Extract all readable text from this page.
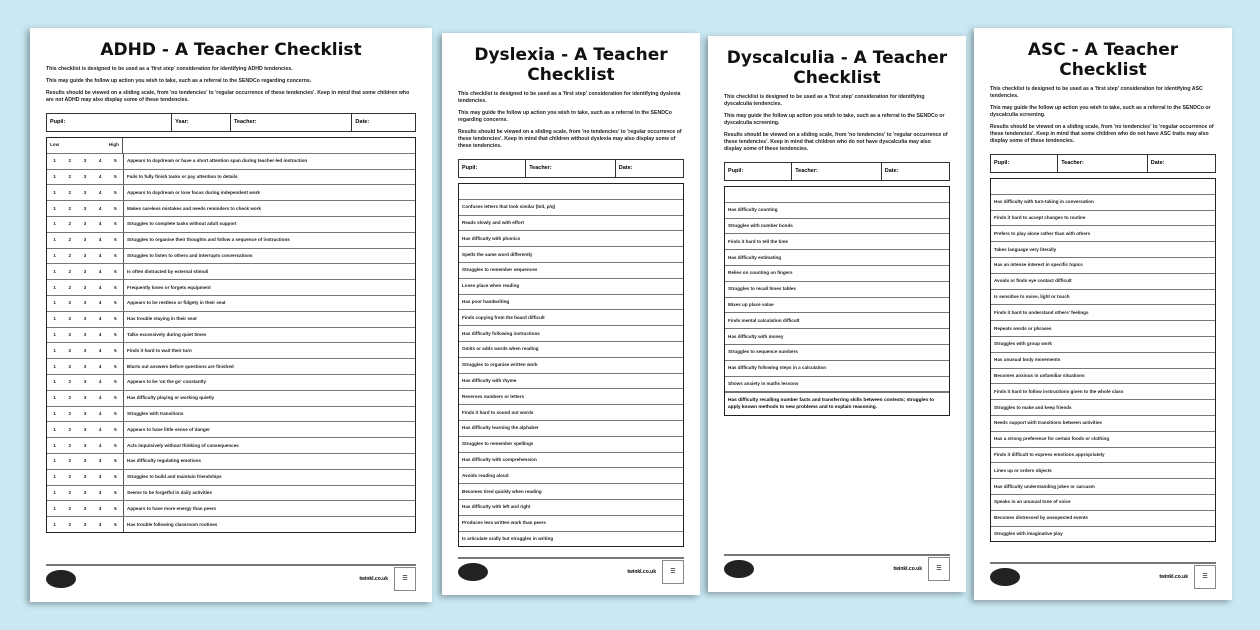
ASC - A Teacher Checklist

This checklist is designed to be used as a 'first step' consideration for identifying ASC tendencies.

This may guide the follow up action you wish to take, such as a referral to the SENDCo or dyscalculia screening.

Results should be viewed on a sliding scale, from 'no tendencies' to 'regular occurrence of these tendencies'. Keep in mind that some children who do not have ASC traits may also display some of these tendencies.

Pupil:	Teacher:	Date:
Has difficulty with turn-taking in conversation
Finds it hard to accept changes to routine
Prefers to play alone rather than with others
Takes language very literally
Has an intense interest in specific topics
Avoids or finds eye contact difficult
Is sensitive to noise, light or touch
Finds it hard to understand others' feelings
Repeats words or phrases
Struggles with group work
Has unusual body movements
Becomes anxious in unfamiliar situations
Finds it hard to follow instructions given to the whole class
Struggles to make and keep friends
Needs support with transitions between activities
Has a strong preference for certain foods or clothing
Finds it difficult to express emotions appropriately
Lines up or orders objects
Has difficulty understanding jokes or sarcasm
Speaks in an unusual tone of voice
Becomes distressed by unexpected events
Struggles with imaginative play
twinkl.co.uk	☰
Dyscalculia - A Teacher Checklist

This checklist is designed to be used as a 'first step' consideration for identifying dyscalculia tendencies.

This may guide the follow up action you wish to take, such as a referral to the SENDCo or dyscalculia screening.

Results should be viewed on a sliding scale, from 'no tendencies' to 'regular occurrence of these tendencies'. Keep in mind that children who do not have dyscalculia may also display some of these tendencies.

Pupil:	Teacher:	Date:
Has difficulty counting
Struggles with number bonds
Finds it hard to tell the time
Has difficulty estimating
Relies on counting on fingers
Struggles to recall times tables
Mixes up place value
Finds mental calculation difficult
Has difficulty with money
Struggles to sequence numbers
Has difficulty following steps in a calculation
Shows anxiety in maths lessons
Has difficulty recalling number facts and transferring skills between contexts; struggles to apply known methods to new problems and to explain reasoning.
twinkl.co.uk	☰
Dyslexia - A Teacher Checklist

This checklist is designed to be used as a 'first step' consideration for identifying dyslexia tendencies.

This may guide the follow up action you wish to take, such as a referral to the SENDCo regarding concerns.

Results should be viewed on a sliding scale, from 'no tendencies' to 'regular occurrence of these tendencies'. Keep in mind that children without dyslexia may also display some of these tendencies.

Pupil:	Teacher:	Date:
Confuses letters that look similar (b/d, p/q)
Reads slowly and with effort
Has difficulty with phonics
Spells the same word differently
Struggles to remember sequences
Loses place when reading
Has poor handwriting
Finds copying from the board difficult
Has difficulty following instructions
Omits or adds words when reading
Struggles to organise written work
Has difficulty with rhyme
Reverses numbers or letters
Finds it hard to sound out words
Has difficulty learning the alphabet
Struggles to remember spellings
Has difficulty with comprehension
Avoids reading aloud
Becomes tired quickly when reading
Has difficulty with left and right
Produces less written work than peers
Is articulate orally but struggles in writing
twinkl.co.uk	☰
ADHD - A Teacher Checklist

This checklist is designed to be used as a 'first step' consideration for identifying ADHD tendencies.

This may guide the follow up action you wish to take, such as a referral to the SENDCo regarding concerns.

Results should be viewed on a sliding scale, from 'no tendencies' to 'regular occurrence of these tendencies'. Keep in mind that some children who are not ADHD may also display some of these tendencies.

Pupil:	Year:	Teacher:	Date:
Low	High
1	2	3	4	5	Appears to daydream or have a short attention span during teacher-led instruction
1	2	3	4	5	Fails to fully finish tasks or pay attention to details
1	2	3	4	5	Appears to daydream or lose focus during independent work
1	2	3	4	5	Makes careless mistakes and needs reminders to check work
1	2	3	4	5	Struggles to complete tasks without adult support
1	2	3	4	5	Struggles to organise their thoughts and follow a sequence of instructions
1	2	3	4	5	Struggles to listen to others and interrupts conversations
1	2	3	4	5	Is often distracted by external stimuli
1	2	3	4	5	Frequently loses or forgets equipment
1	2	3	4	5	Appears to be restless or fidgety in their seat
1	2	3	4	5	Has trouble staying in their seat
1	2	3	4	5	Talks excessively during quiet times
1	2	3	4	5	Finds it hard to wait their turn
1	2	3	4	5	Blurts out answers before questions are finished
1	2	3	4	5	Appears to be 'on the go' constantly
1	2	3	4	5	Has difficulty playing or working quietly
1	2	3	4	5	Struggles with transitions
1	2	3	4	5	Appears to have little sense of danger
1	2	3	4	5	Acts impulsively without thinking of consequences
1	2	3	4	5	Has difficulty regulating emotions
1	2	3	4	5	Struggles to build and maintain friendships
1	2	3	4	5	Seems to be forgetful in daily activities
1	2	3	4	5	Appears to have more energy than peers
1	2	3	4	5	Has trouble following classroom routines
twinkl.co.uk	☰
